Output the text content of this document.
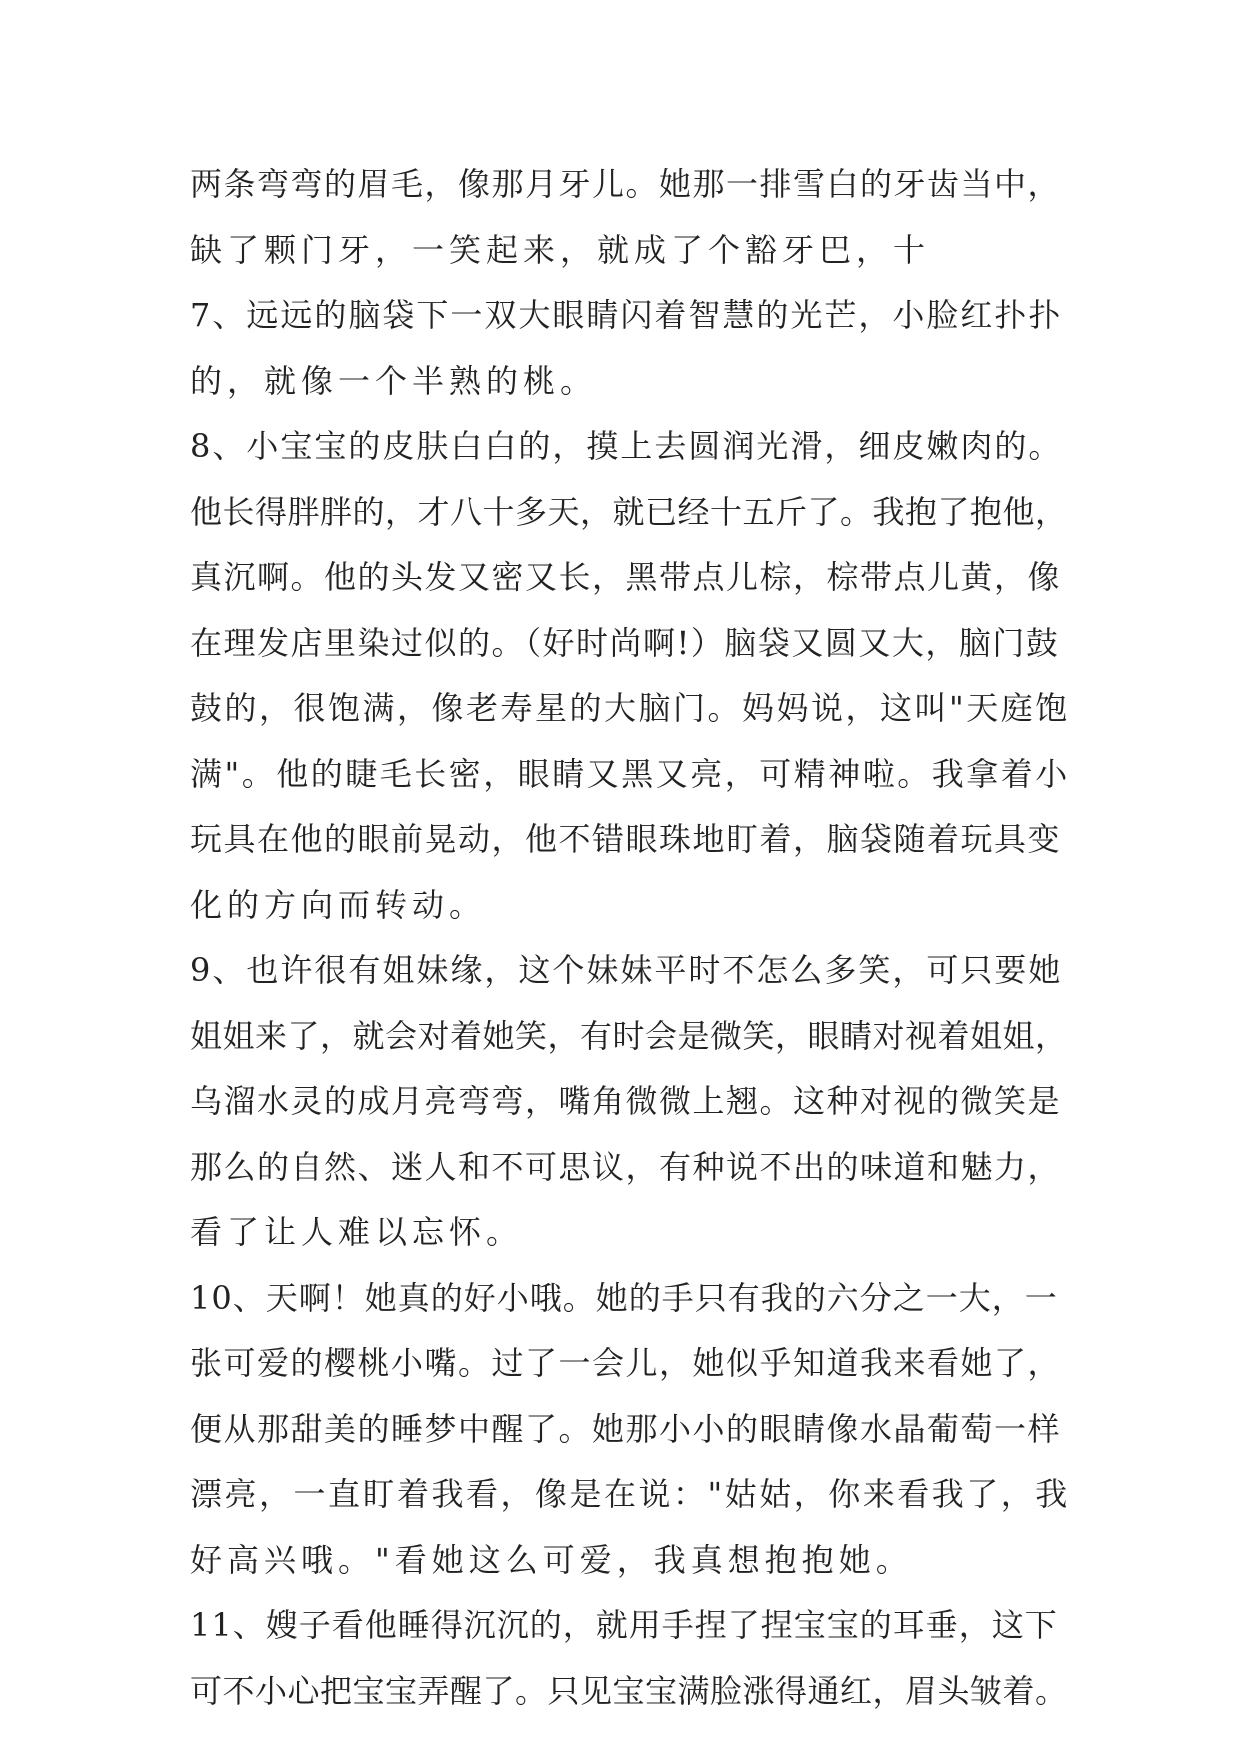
两条弯弯的眉毛，像那月牙儿。她那一排雪白的牙齿当中，
缺了颗门牙，一笑起来，就成了个豁牙巴，十
7、远远的脑袋下一双大眼睛闪着智慧的光芒，小脸红扑扑
的，就像一个半熟的桃。
8、小宝宝的皮肤白白的，摸上去圆润光滑，细皮嫩肉的。
他长得胖胖的，才八十多天，就已经十五斤了。我抱了抱他，
真沉啊。他的头发又密又长，黑带点儿棕，棕带点儿黄，像
在理发店里染过似的。（好时尚啊!）脑袋又圆又大，脑门鼓
鼓的，很饱满，像老寿星的大脑门。妈妈说，这叫"天庭饱
满"。他的睫毛长密，眼睛又黑又亮，可精神啦。我拿着小
玩具在他的眼前晃动，他不错眼珠地盯着，脑袋随着玩具变
化的方向而转动。
9、也许很有姐妹缘，这个妹妹平时不怎么多笑，可只要她
姐姐来了，就会对着她笑，有时会是微笑，眼睛对视着姐姐，
乌溜水灵的成月亮弯弯，嘴角微微上翘。这种对视的微笑是
那么的自然、迷人和不可思议，有种说不出的味道和魅力，
看了让人难以忘怀。
10、天啊！她真的好小哦。她的手只有我的六分之一大，一
张可爱的樱桃小嘴。过了一会儿，她似乎知道我来看她了，
便从那甜美的睡梦中醒了。她那小小的眼睛像水晶葡萄一样
漂亮，一直盯着我看，像是在说："姑姑，你来看我了，我
好高兴哦。"看她这么可爱，我真想抱抱她。
11、嫂子看他睡得沉沉的，就用手捏了捏宝宝的耳垂，这下
可不小心把宝宝弄醒了。只见宝宝满脸涨得通红，眉头皱着。
